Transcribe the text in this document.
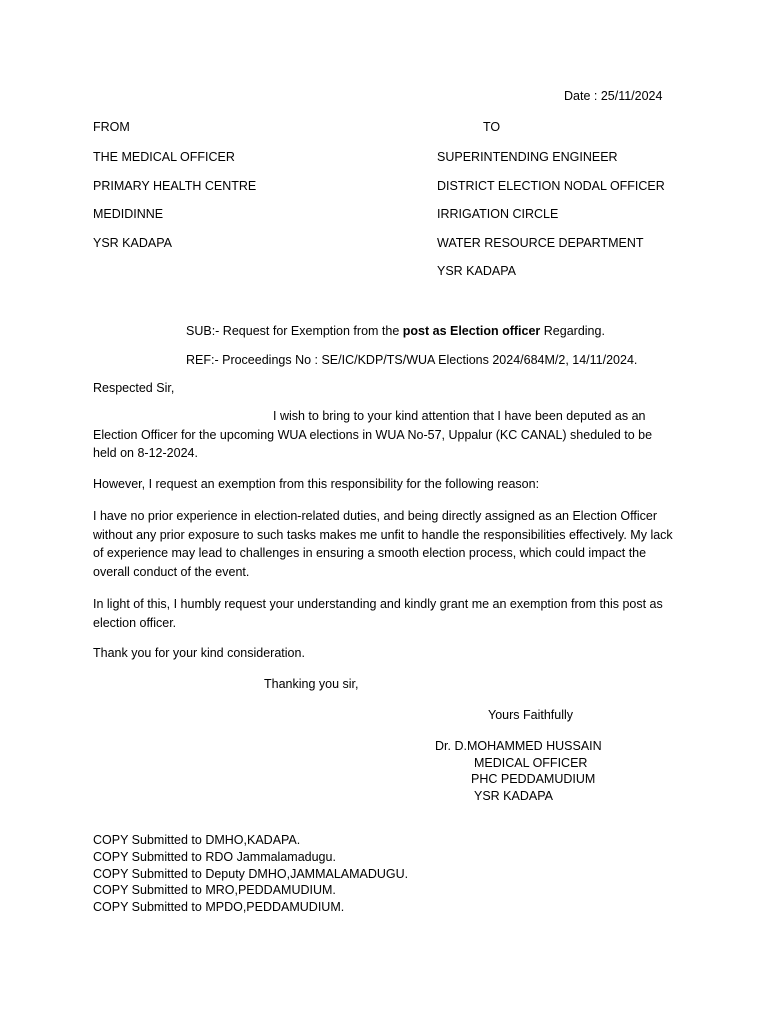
Date : 25/11/2024
FROM
THE MEDICAL OFFICER
PRIMARY HEALTH CENTRE
MEDIDINNE
YSR KADAPA
TO
SUPERINTENDING ENGINEER
DISTRICT ELECTION NODAL OFFICER
IRRIGATION CIRCLE
WATER RESOURCE DEPARTMENT
YSR KADAPA
SUB:- Request for Exemption from the post as Election officer Regarding.
REF:- Proceedings No : SE/IC/KDP/TS/WUA Elections 2024/684M/2, 14/11/2024.
Respected Sir,
I wish to bring to your kind attention that I have been deputed as an Election Officer for the upcoming WUA elections in WUA No-57, Uppalur (KC CANAL) sheduled to be held on 8-12-2024.
However, I request an exemption from this responsibility for the following reason:
I have no prior experience in election-related duties, and being directly assigned as an Election Officer without any prior exposure to such tasks makes me unfit to handle the responsibilities effectively. My lack of experience may lead to challenges in ensuring a smooth election process, which could impact the overall conduct of the event.
In light of this, I humbly request your understanding and kindly grant me an exemption from this post as election officer.
Thank you for your kind consideration.
Thanking you sir,
Yours Faithfully
Dr. D.MOHAMMED HUSSAIN
MEDICAL OFFICER
PHC PEDDAMUDIUM
YSR KADAPA
COPY Submitted to DMHO,KADAPA.
COPY Submitted to RDO Jammalamadugu.
COPY Submitted to Deputy DMHO,JAMMALAMADUGU.
COPY Submitted to MRO,PEDDAMUDIUM.
COPY Submitted to MPDO,PEDDAMUDIUM.
